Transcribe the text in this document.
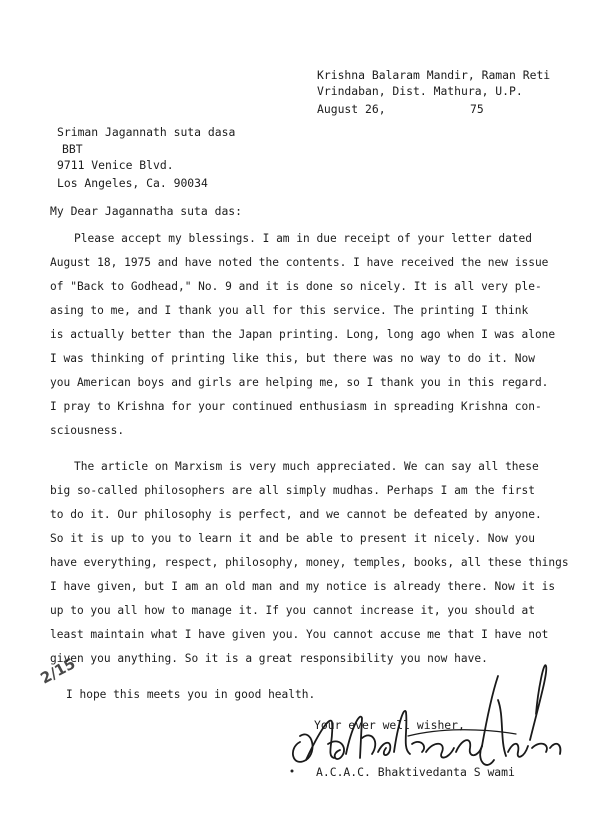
Krishna Balaram Mandir, Raman Reti
Vrindaban, Dist. Mathura, U.P.
August 26,	75
Sriman Jagannath suta dasa
BBT
9711 Venice Blvd.
Los Angeles, Ca. 90034
My Dear Jagannatha suta das:
Please accept my blessings. I am in due receipt of your letter dated
August 18, 1975 and have noted the contents. I have received the new issue
of "Back to Godhead," No. 9 and it is done so nicely. It is all very ple-
asing to me, and I thank you all for this service. The printing I think
is actually better than the Japan printing. Long, long ago when I was alone
I was thinking of printing like this, but there was no way to do it. Now
you American boys and girls are helping me, so I thank you in this regard.
I pray to Krishna for your continued enthusiasm in spreading Krishna con-
sciousness.
The article on Marxism is very much appreciated. We can say all these
big so-called philosophers are all simply mudhas. Perhaps I am the first
to do it. Our philosophy is perfect, and we cannot be defeated by anyone.
So it is up to you to learn it and be able to present it nicely. Now you
have everything, respect, philosophy, money, temples, books, all these things
I have given, but I am an old man and my notice is already there. Now it is
up to you all how to manage it. If you cannot increase it, you should at
least maintain what I have given you. You cannot accuse me that I have not
given you anything. So it is a great responsibility you now have.
I hope this meets you in good health.
Your ever well wisher,
A.C.A.C. Bhaktivedanta S wami
2/15
